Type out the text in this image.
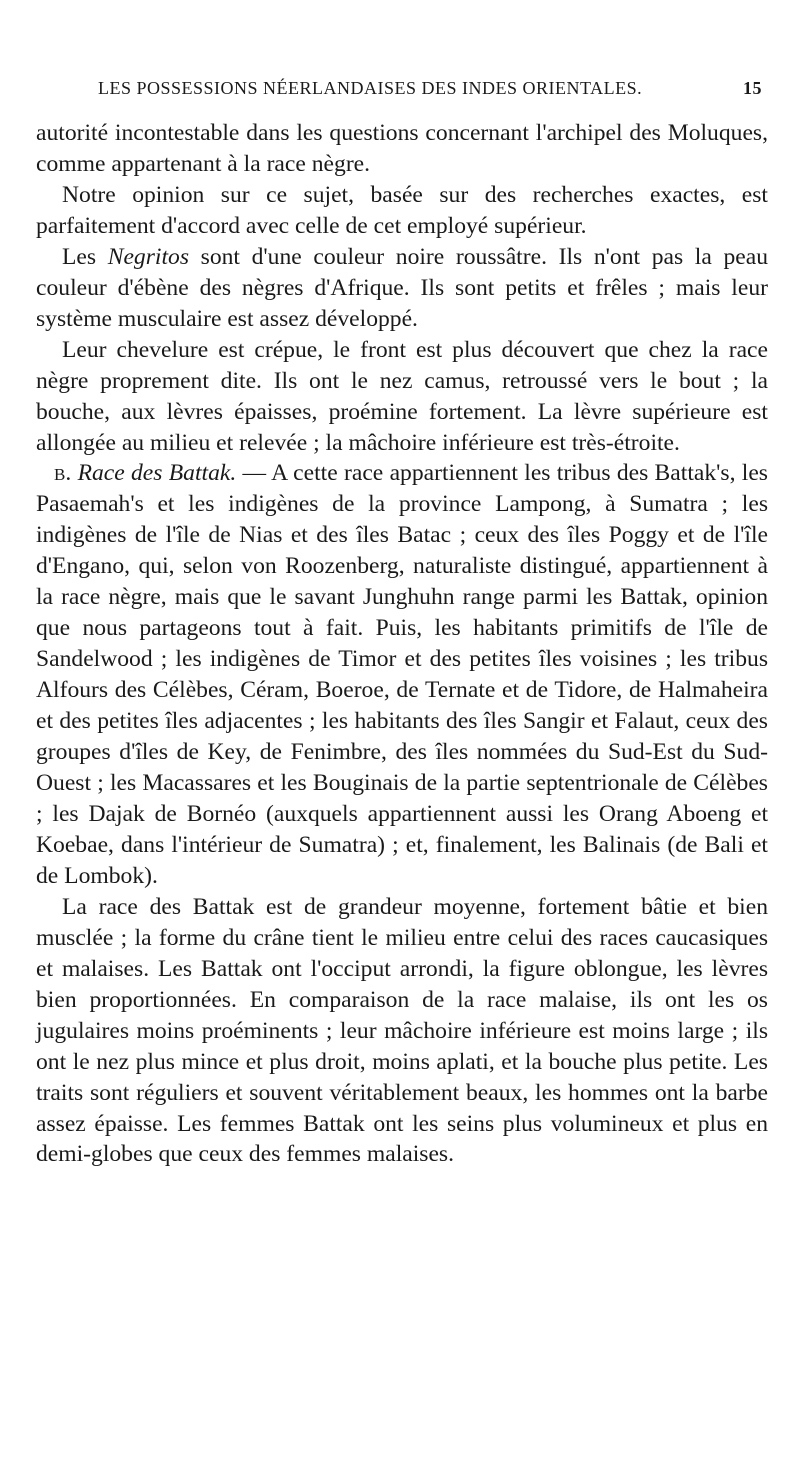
LES POSSESSIONS NÉERLANDAISES DES INDES ORIENTALES.	15

autorité incontestable dans les questions concernant l'archipel des Moluques, comme appartenant à la race nègre.

Notre opinion sur ce sujet, basée sur des recherches exactes, est parfaitement d'accord avec celle de cet employé supérieur.

Les Negritos sont d'une couleur noire roussâtre. Ils n'ont pas la peau couleur d'ébène des nègres d'Afrique. Ils sont petits et frêles ; mais leur système musculaire est assez développé.

Leur chevelure est crépue, le front est plus découvert que chez la race nègre proprement dite. Ils ont le nez camus, retroussé vers le bout ; la bouche, aux lèvres épaisses, proémine fortement. La lèvre supérieure est allongée au milieu et relevée ; la mâchoire inférieure est très-étroite.

b. Race des Battak. — A cette race appartiennent les tribus des Battak's, les Pasaemah's et les indigènes de la province Lampong, à Sumatra ; les indigènes de l'île de Nias et des îles Batac ; ceux des îles Poggy et de l'île d'Engano, qui, selon von Roozenberg, naturaliste distingué, appartiennent à la race nègre, mais que le savant Junghuhn range parmi les Battak, opinion que nous partageons tout à fait. Puis, les habitants primitifs de l'île de Sandelwood ; les indigènes de Timor et des petites îles voisines ; les tribus Alfours des Célèbes, Céram, Boeroe, de Ternate et de Tidore, de Halmaheira et des petites îles adjacentes ; les habitants des îles Sangir et Falaut, ceux des groupes d'îles de Key, de Fenimbre, des îles nommées du Sud-Est du Sud-Ouest ; les Macassares et les Bouginais de la partie septentrionale de Célèbes ; les Dajak de Bornéo (auxquels appartiennent aussi les Orang Aboeng et Koebae, dans l'intérieur de Sumatra) ; et, finalement, les Balinais (de Bali et de Lombok).

La race des Battak est de grandeur moyenne, fortement bâtie et bien musclée ; la forme du crâne tient le milieu entre celui des races caucasiques et malaises. Les Battak ont l'occiput arrondi, la figure oblongue, les lèvres bien proportionnées. En comparaison de la race malaise, ils ont les os jugulaires moins proéminents ; leur mâchoire inférieure est moins large ; ils ont le nez plus mince et plus droit, moins aplati, et la bouche plus petite. Les traits sont réguliers et souvent véritablement beaux, les hommes ont la barbe assez épaisse. Les femmes Battak ont les seins plus volumineux et plus en demi-globes que ceux des femmes malaises.
